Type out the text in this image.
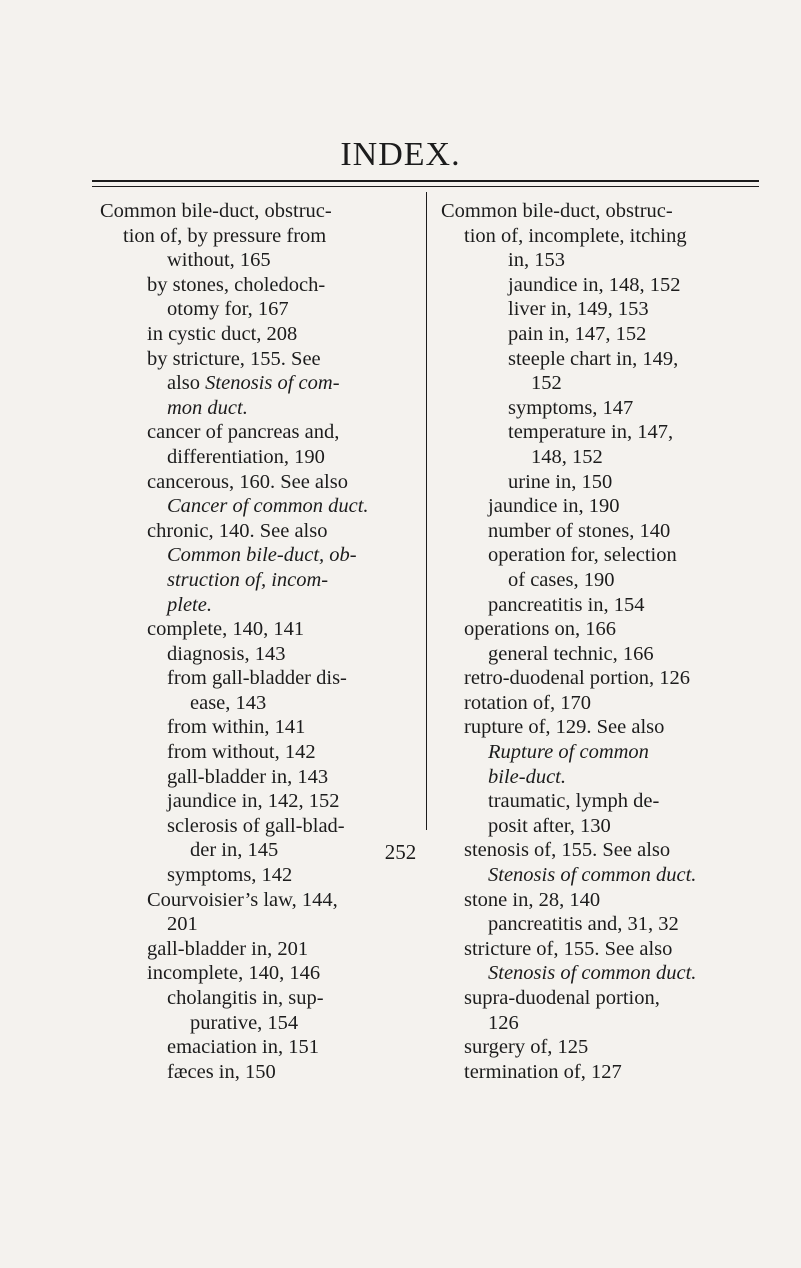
INDEX.
Common bile-duct, obstruc-
tion of, by pressure from
without, 165
by stones, choledoch-
otomy for, 167
in cystic duct, 208
by stricture, 155. See
also Stenosis of com-
mon duct.
cancer of pancreas and,
differentiation, 190
cancerous, 160. See also
Cancer of common duct.
chronic, 140. See also
Common bile-duct, ob-
struction of, incom-
plete.
complete, 140, 141
diagnosis, 143
from gall-bladder dis-
ease, 143
from within, 141
from without, 142
gall-bladder in, 143
jaundice in, 142, 152
sclerosis of gall-blad-
der in, 145
symptoms, 142
Courvoisier’s law, 144,
201
gall-bladder in, 201
incomplete, 140, 146
cholangitis in, sup-
purative, 154
emaciation in, 151
fæces in, 150
Common bile-duct, obstruc-
tion of, incomplete, itching
in, 153
jaundice in, 148, 152
liver in, 149, 153
pain in, 147, 152
steeple chart in, 149,
152
symptoms, 147
temperature in, 147,
148, 152
urine in, 150
jaundice in, 190
number of stones, 140
operation for, selection
of cases, 190
pancreatitis in, 154
operations on, 166
general technic, 166
retro-duodenal portion, 126
rotation of, 170
rupture of, 129. See also
Rupture of common
bile-duct.
traumatic, lymph de-
posit after, 130
stenosis of, 155. See also
Stenosis of common duct.
stone in, 28, 140
pancreatitis and, 31, 32
stricture of, 155. See also
Stenosis of common duct.
supra-duodenal portion,
126
surgery of, 125
termination of, 127
252
